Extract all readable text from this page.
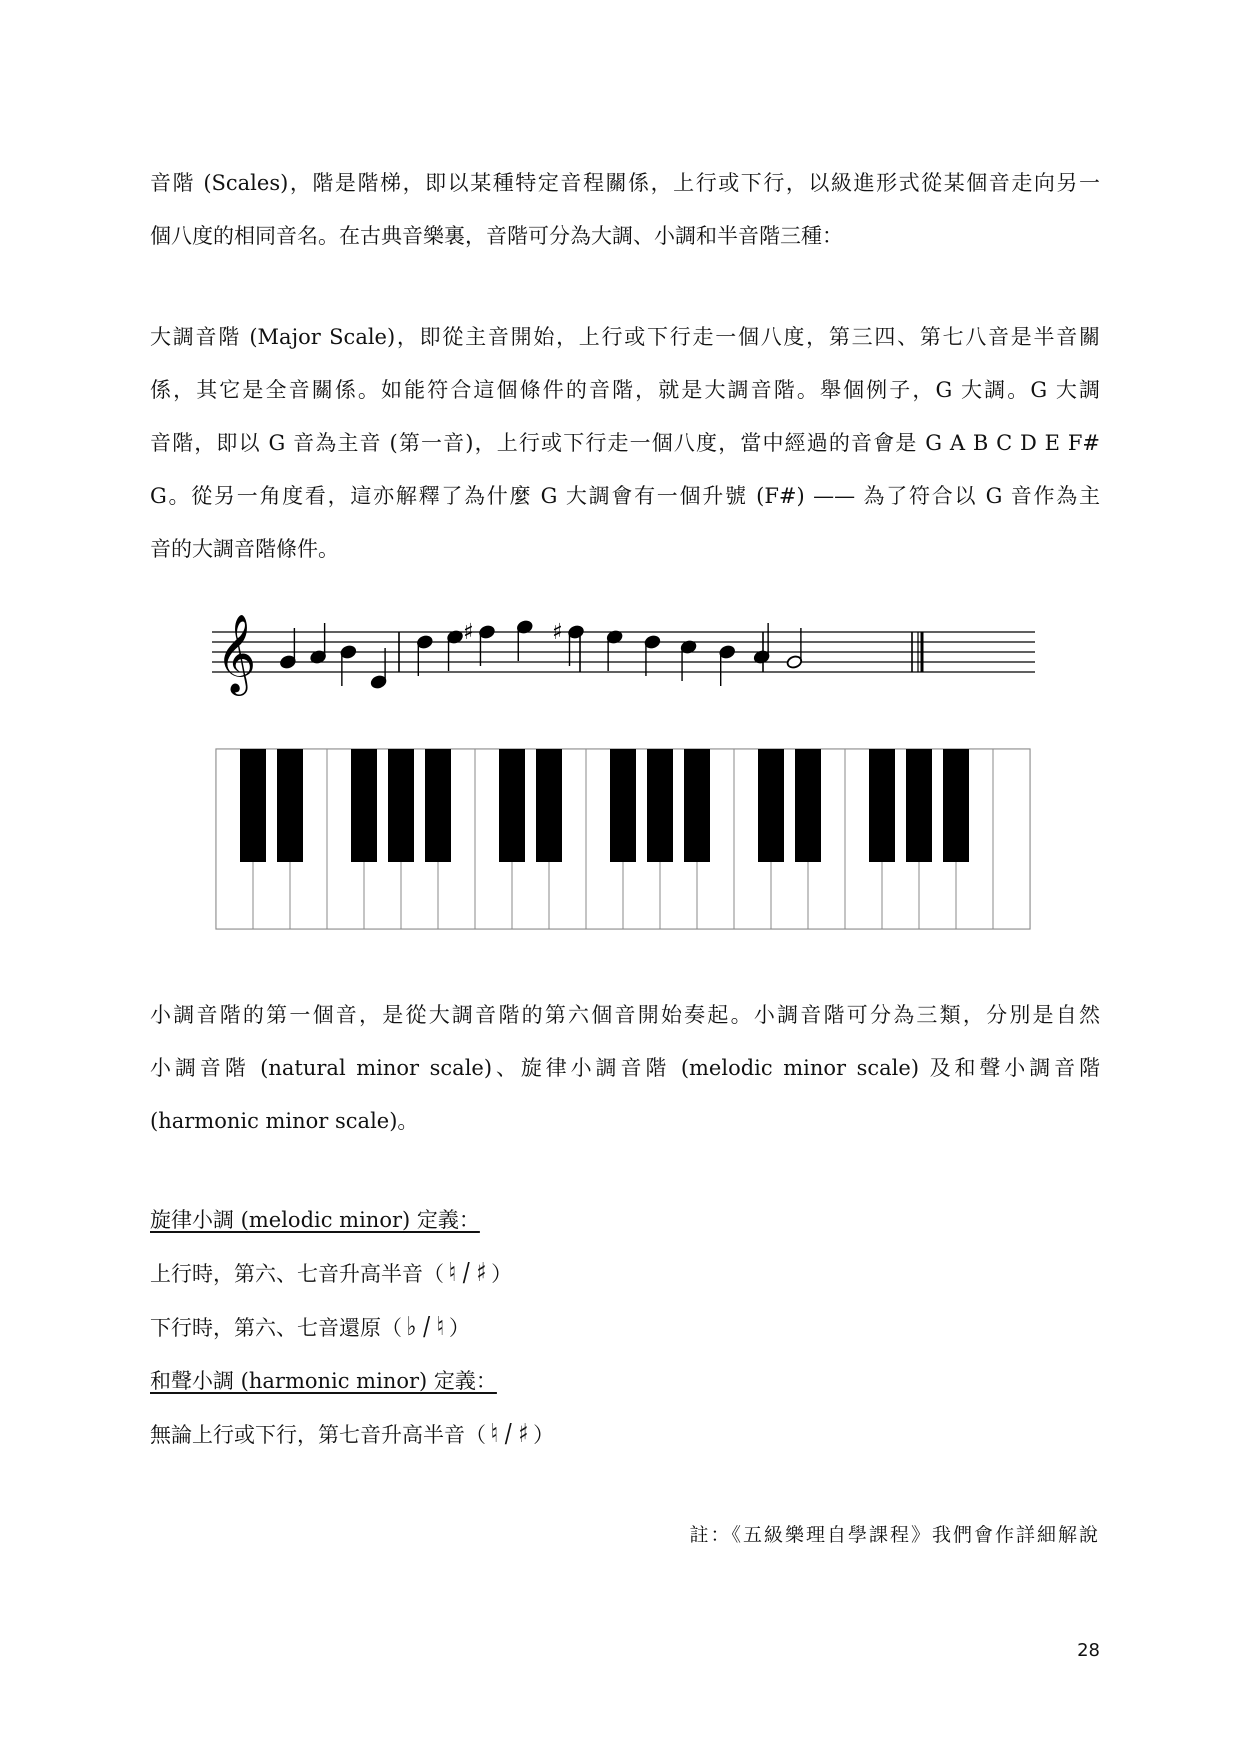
音階 (Scales)，階是階梯，即以某種特定音程關係，上行或下行，以級進形式從某個音走向另一

個八度的相同音名。在古典音樂裏，音階可分為大調、小調和半音階三種：

大調音階 (Major Scale)，即從主音開始，上行或下行走一個八度，第三四、第七八音是半音關

係，其它是全音關係。如能符合這個條件的音階，就是大調音階。舉個例子，G 大調。G 大調

音階，即以 G 音為主音 (第一音)，上行或下行走一個八度，當中經過的音會是 G A B C D E F#

G。從另一角度看，這亦解釋了為什麼 G 大調會有一個升號 (F#) —— 為了符合以 G 音作為主

音的大調音階條件。

𝄞	♯	♯

小調音階的第一個音，是從大調音階的第六個音開始奏起。小調音階可分為三類，分別是自然

小調音階 (natural minor scale)、旋律小調音階 (melodic minor scale) 及和聲小調音階

(harmonic minor scale)。

旋律小調 (melodic minor) 定義：

上行時，第六、七音升高半音（ ♮ / ♯ ）

下行時，第六、七音還原（ ♭ / ♮ ）

和聲小調 (harmonic minor) 定義：

無論上行或下行，第七音升高半音（ ♮ / ♯ ）

註：《五級樂理自學課程》我們會作詳細解說
28
